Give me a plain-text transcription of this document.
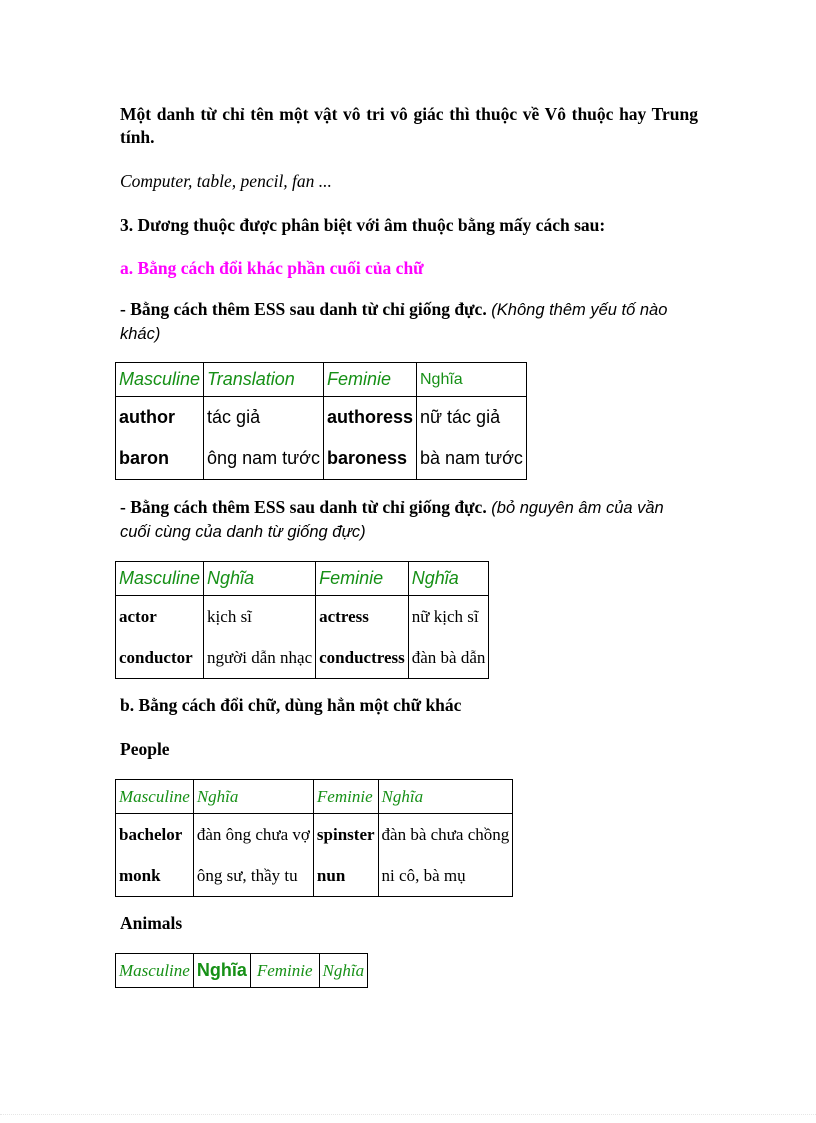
Một danh từ chỉ tên một vật vô tri vô giác thì thuộc về Vô thuộc hay Trung tính.

Computer, table, pencil, fan ...

3. Dương thuộc được phân biệt với âm thuộc bằng mấy cách sau:

a. Bằng cách đổi khác phần cuối của chữ

- Bằng cách thêm ESS sau danh từ chỉ giống đực. (Không thêm yếu tố nào khác)

Masculine	Translation	Feminie	Nghĩa
author	tác giả	authoress	nữ tác giả
baron	ông nam tước	baroness	bà nam tước

- Bằng cách thêm ESS sau danh từ chỉ giống đực. (bỏ nguyên âm của vần cuối cùng của danh từ giống đực)

Masculine	Nghĩa	Feminie	Nghĩa
actor	kịch sĩ	actress	nữ kịch sĩ
conductor	người dẫn nhạc	conductress	đàn bà dẫn

b. Bằng cách đổi chữ, dùng hẳn một chữ khác

People

Masculine	Nghĩa	Feminie	Nghĩa
bachelor	đàn ông chưa vợ	spinster	đàn bà chưa chồng
monk	ông sư, thầy tu	nun	ni cô, bà mụ

Animals

Masculine	Nghĩa	Feminie	Nghĩa
